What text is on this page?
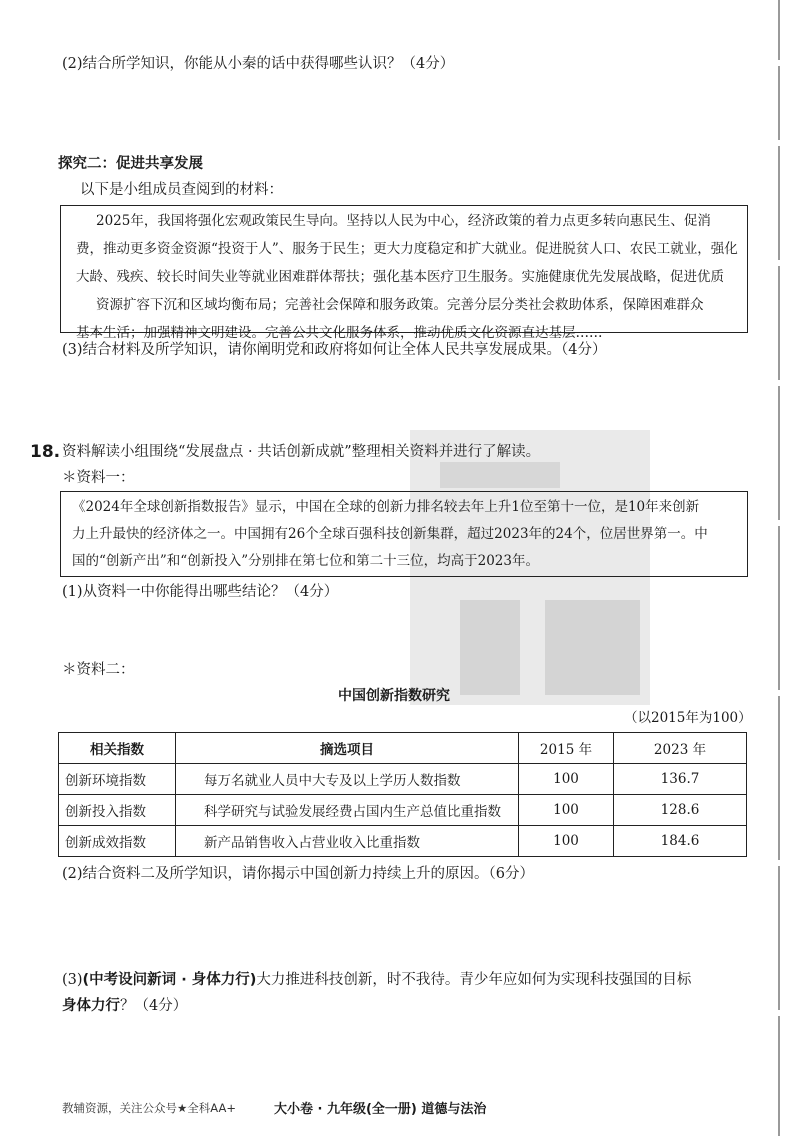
(2)结合所学知识，你能从小秦的话中获得哪些认识？（4分）
探究二：促进共享发展
以下是小组成员查阅到的材料：
2025年，我国将强化宏观政策民生导向。坚持以人民为中心，经济政策的着力点更多转向惠民生、促消
费，推动更多资金资源“投资于人”、服务于民生；更大力度稳定和扩大就业。促进脱贫人口、农民工就业，强化
大龄、残疾、较长时间失业等就业困难群体帮扶；强化基本医疗卫生服务。实施健康优先发展战略，促进优质
资源扩容下沉和区域均衡布局；完善社会保障和服务政策。完善分层分类社会救助体系，保障困难群众
基本生活；加强精神文明建设。完善公共文化服务体系，推动优质文化资源直达基层……
(3)结合材料及所学知识，请你阐明党和政府将如何让全体人民共享发展成果。（4分）
18. 资料解读小组围绕“发展盘点 · 共话创新成就”整理相关资料并进行了解读。
＊资料一：
《2024年全球创新指数报告》显示，中国在全球的创新力排名较去年上升1位至第十一位，是10年来创新
力上升最快的经济体之一。中国拥有26个全球百强科技创新集群，超过2023年的24个，位居世界第一。中
国的“创新产出”和“创新投入”分别排在第七位和第二十三位，均高于2023年。
(1)从资料一中你能得出哪些结论？（4分）
＊资料二：
中国创新指数研究
（以2015年为100）
相关指数	摘选项目	2015 年	2023 年
创新环境指数	每万名就业人员中大专及以上学历人数指数	100	136.7
创新投入指数	科学研究与试验发展经费占国内生产总值比重指数	100	128.6
创新成效指数	新产品销售收入占营业收入比重指数	100	184.6
(2)结合资料二及所学知识，请你揭示中国创新力持续上升的原因。（6分）
(3)(中考设问新词 · 身体力行)大力推进科技创新，时不我待。青少年应如何为实现科技强国的目标
身体力行？（4分）
教辅资源，关注公众号★全科AA+	大小卷 · 九年级(全一册) 道德与法治
